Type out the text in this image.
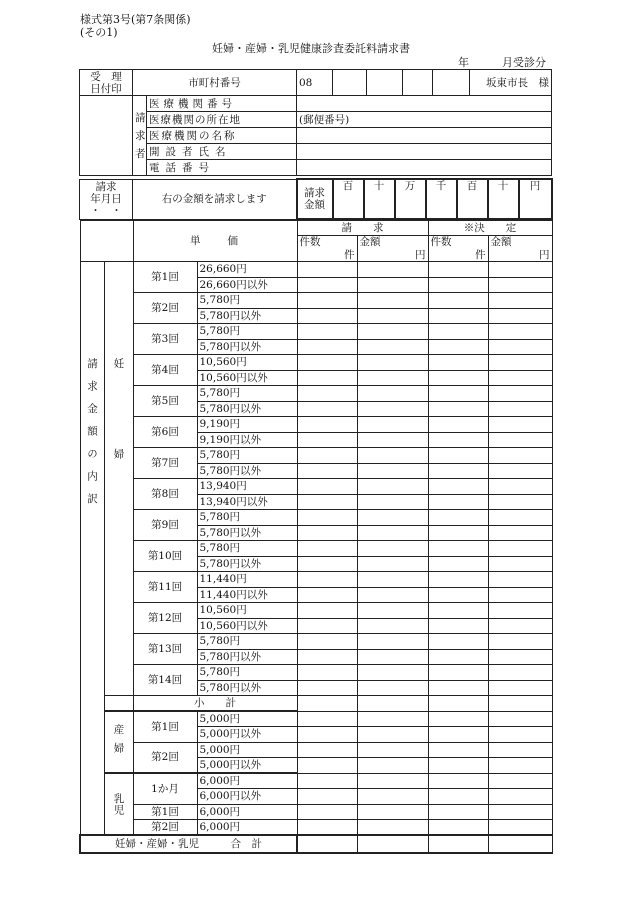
様式第3号(第7条関係)
(その1)
妊婦・産婦・乳児健康診査委託料請求書
年　　　月受診分
受　理
日付印	市町村番号		08					坂東市長　様
	請
求
者	医療機関番号						
		医療機関の所在地	(郵便番号)					
		医療機関の名称						
		開設者氏名						
		電話番号						
請求
年月日
・　・	右の金額を請求します	請求
金額	百	十	万	千	百	十	円
		単　　価		請　　求		※決　　定	
				件数	金額	件数	金額
				件	円	件	円

請求金額の内訳	妊婦	第1回	26,660円				
			26,660円以外				
		第2回	5,780円				
			5,780円以外				
		第3回	5,780円				
			5,780円以外				
		第4回	10,560円				
			10,560円以外				
		第5回	5,780円				
			5,780円以外				
		第6回	9,190円				
			9,190円以外				
		第7回	5,780円				
			5,780円以外				
		第8回	13,940円				
			13,940円以外				
		第9回	5,780円				
			5,780円以外				
		第10回	5,780円				
			5,780円以外				
		第11回	11,440円				
			11,440円以外				
		第12回	10,560円				
			10,560円以外				
		第13回	5,780円				
			5,780円以外				
		第14回	5,780円				
			5,780円以外				
		小　　計					

	産婦	第1回	5,000円				
			5,000円以外				
		第2回	5,000円				
			5,000円以外				

	乳児	1か月	6,000円				
			6,000円以外				
		第1回	6,000円				
		第2回	6,000円				
妊婦・産婦・乳児　　　合　計							
